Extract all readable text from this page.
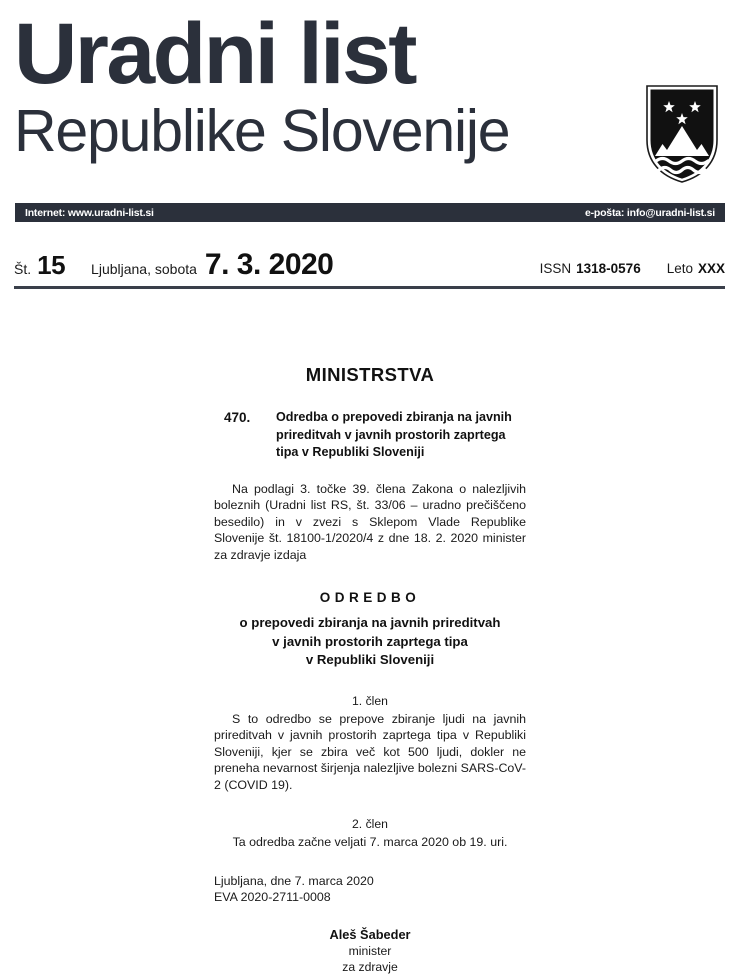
Uradni list
Republike Slovenije
Internet: www.uradni-list.si	e-pošta: info@uradni-list.si
Št. 15 Ljubljana, sobota 7. 3. 2020	ISSN 1318-0576 Leto XXX
MINISTRSTVA
470.	Odredba o prepovedi zbiranja na javnih prireditvah v javnih prostorih zaprtega tipa v Republiki Sloveniji

Na podlagi 3. točke 39. člena Zakona o nalezljivih boleznih (Uradni list RS, št. 33/06 – uradno prečiščeno besedilo) in v zvezi s Sklepom Vlade Republike Slovenije št. 18100-1/2020/4 z dne 18. 2. 2020 minister za zdravje izdaja

ODREDBO
o prepovedi zbiranja na javnih prireditvah
v javnih prostorih zaprtega tipa
v Republiki Sloveniji
1. člen

S to odredbo se prepove zbiranje ljudi na javnih prireditvah v javnih prostorih zaprtega tipa v Republiki Sloveniji, kjer se zbira več kot 500 ljudi, dokler ne preneha nevarnost širjenja nalezljive bolezni SARS-CoV-2 (COVID 19).

2. člen

Ta odredba začne veljati 7. marca 2020 ob 19. uri.

Ljubljana, dne 7. marca 2020
EVA 2020-2711-0008
Aleš Šabeder
minister
za zdravje
